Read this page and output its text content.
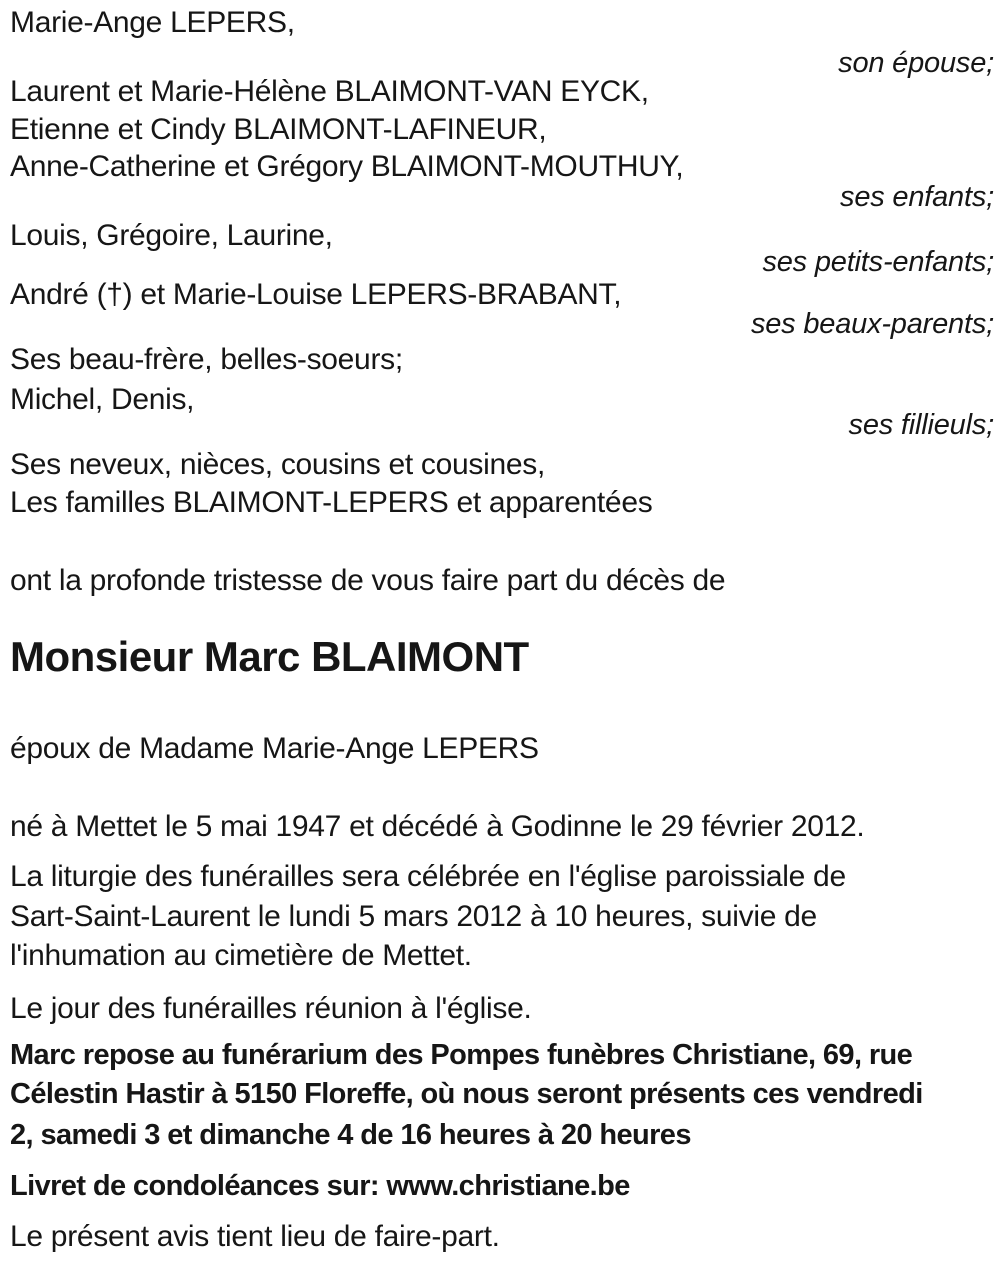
Marie-Ange LEPERS,
son épouse;
Laurent et Marie-Hélène BLAIMONT-VAN EYCK,
Etienne et Cindy BLAIMONT-LAFINEUR,
Anne-Catherine et Grégory BLAIMONT-MOUTHUY,
ses enfants;
Louis, Grégoire, Laurine,
ses petits-enfants;
André (†) et Marie-Louise LEPERS-BRABANT,
ses beaux-parents;
Ses beau-frère, belles-soeurs;
Michel, Denis,
ses fillieuls;
Ses neveux, nièces, cousins et cousines,
Les familles BLAIMONT-LEPERS et apparentées
ont la profonde tristesse de vous faire part du décès de
Monsieur Marc BLAIMONT
époux de Madame Marie-Ange LEPERS
né à Mettet le 5 mai 1947 et décédé à Godinne le 29 février 2012.
La liturgie des funérailles sera célébrée en l'église paroissiale de
Sart-Saint-Laurent le lundi 5 mars 2012 à 10 heures, suivie de
l'inhumation au cimetière de Mettet.
Le jour des funérailles réunion à l'église.
Marc repose au funérarium des Pompes funèbres Christiane, 69, rue
Célestin Hastir à 5150 Floreffe, où nous seront présents ces vendredi
2, samedi 3 et dimanche 4 de 16 heures à 20 heures
Livret de condoléances sur: www.christiane.be
Le présent avis tient lieu de faire-part.
